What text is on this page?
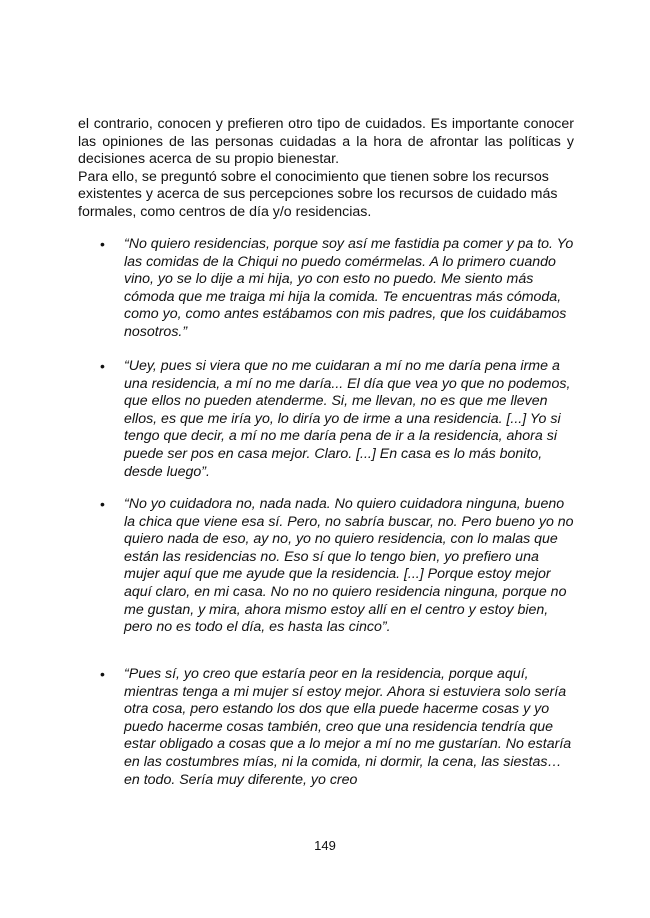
el contrario, conocen y prefieren otro tipo de cuidados. Es importante conocer las opiniones de las personas cuidadas a la hora de afrontar las políticas y decisiones acerca de su propio bienestar.

Para ello, se preguntó sobre el conocimiento que tienen sobre los recursos existentes y acerca de sus percepciones sobre los recursos de cuidado más formales, como centros de día y/o residencias.

• “No quiero residencias, porque soy así me fastidia pa comer y pa to. Yo las comidas de la Chiqui no puedo comérmelas. A lo primero cuando vino, yo se lo dije a mi hija, yo con esto no puedo. Me siento más cómoda que me traiga mi hija la comida. Te encuentras más cómoda, como yo, como antes estábamos con mis padres, que los cuidábamos nosotros.”
• “Uey, pues si viera que no me cuidaran a mí no me daría pena irme a una residencia, a mí no me daría... El día que vea yo que no podemos, que ellos no pueden atenderme. Si, me llevan, no es que me lleven ellos, es que me iría yo, lo diría yo de irme a una residencia. [...] Yo si tengo que decir, a mí no me daría pena de ir a la residencia, ahora si puede ser pos en casa mejor. Claro. [...] En casa es lo más bonito, desde luego”.
• “No yo cuidadora no, nada nada. No quiero cuidadora ninguna, bueno la chica que viene esa sí. Pero, no sabría buscar, no. Pero bueno yo no quiero nada de eso, ay no, yo no quiero residencia, con lo malas que están las residencias no. Eso sí que lo tengo bien, yo prefiero una mujer aquí que me ayude que la residencia. [...] Porque estoy mejor aquí claro, en mi casa. No no no quiero residencia ninguna, porque no me gustan, y mira, ahora mismo estoy allí en el centro y estoy bien, pero no es todo el día, es hasta las cinco”.
• “Pues sí, yo creo que estaría peor en la residencia, porque aquí, mientras tenga a mi mujer sí estoy mejor. Ahora si estuviera solo sería otra cosa, pero estando los dos que ella puede hacerme cosas y yo puedo hacerme cosas también, creo que una residencia tendría que estar obligado a cosas que a lo mejor a mí no me gustarían. No estaría en las costumbres mías, ni la comida, ni dormir, la cena, las siestas… en todo. Sería muy diferente, yo creo
149
